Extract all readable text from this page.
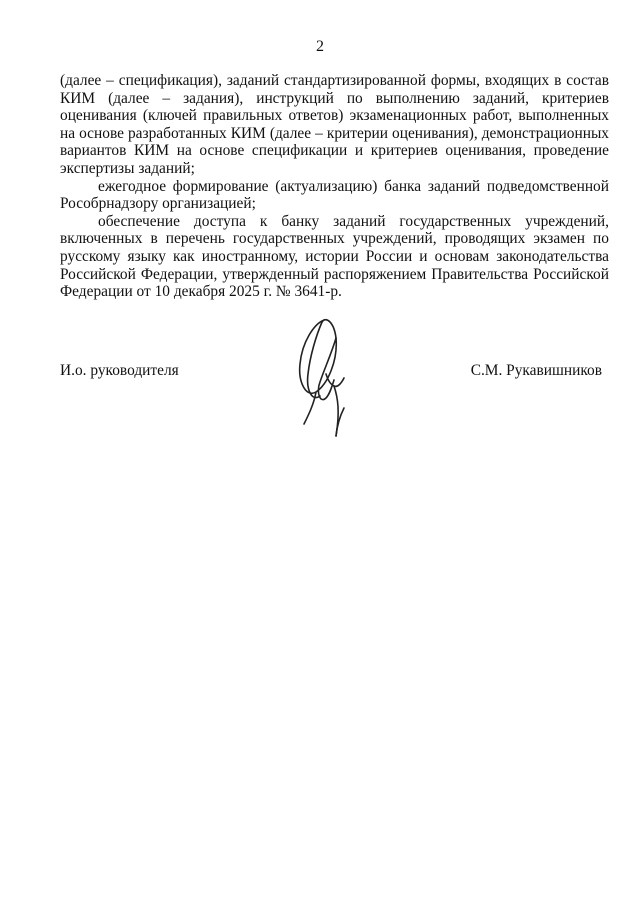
2

(далее – спецификация), заданий стандартизированной формы, входящих в состав КИМ (далее – задания), инструкций по выполнению заданий, критериев оценивания (ключей правильных ответов) экзаменационных работ, выполненных на основе разработанных КИМ (далее – критерии оценивания), демонстрационных вариантов КИМ на основе спецификации и критериев оценивания, проведение экспертизы заданий;

ежегодное формирование (актуализацию) банка заданий подведомственной Рособрнадзору организацией;

обеспечение доступа к банку заданий государственных учреждений, включенных в перечень государственных учреждений, проводящих экзамен по русскому языку как иностранному, истории России и основам законодательства Российской Федерации, утвержденный распоряжением Правительства Российской Федерации от 10 декабря 2025 г. № 3641-р.

И.о. руководителя	С.М. Рукавишников
